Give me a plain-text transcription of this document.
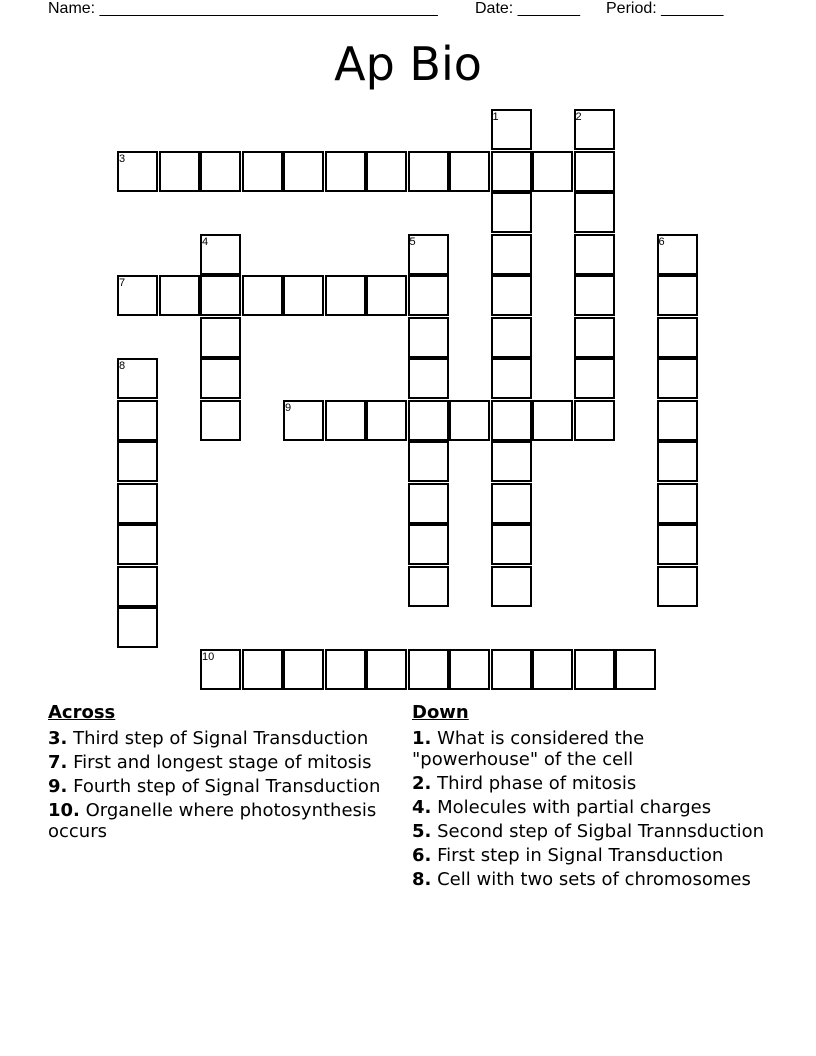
Name: ______________________________________ Date: _______ Period: _______
Ap Bio
1	2
3
4	5	6
7
8
9
10
Across
3. Third step of Signal Transduction
7. First and longest stage of mitosis
9. Fourth step of Signal Transduction
10. Organelle where photosynthesis occurs
Down
1. What is considered the "powerhouse" of the cell
2. Third phase of mitosis
4. Molecules with partial charges
5. Second step of Sigbal Trannsduction
6. First step in Signal Transduction
8. Cell with two sets of chromosomes
